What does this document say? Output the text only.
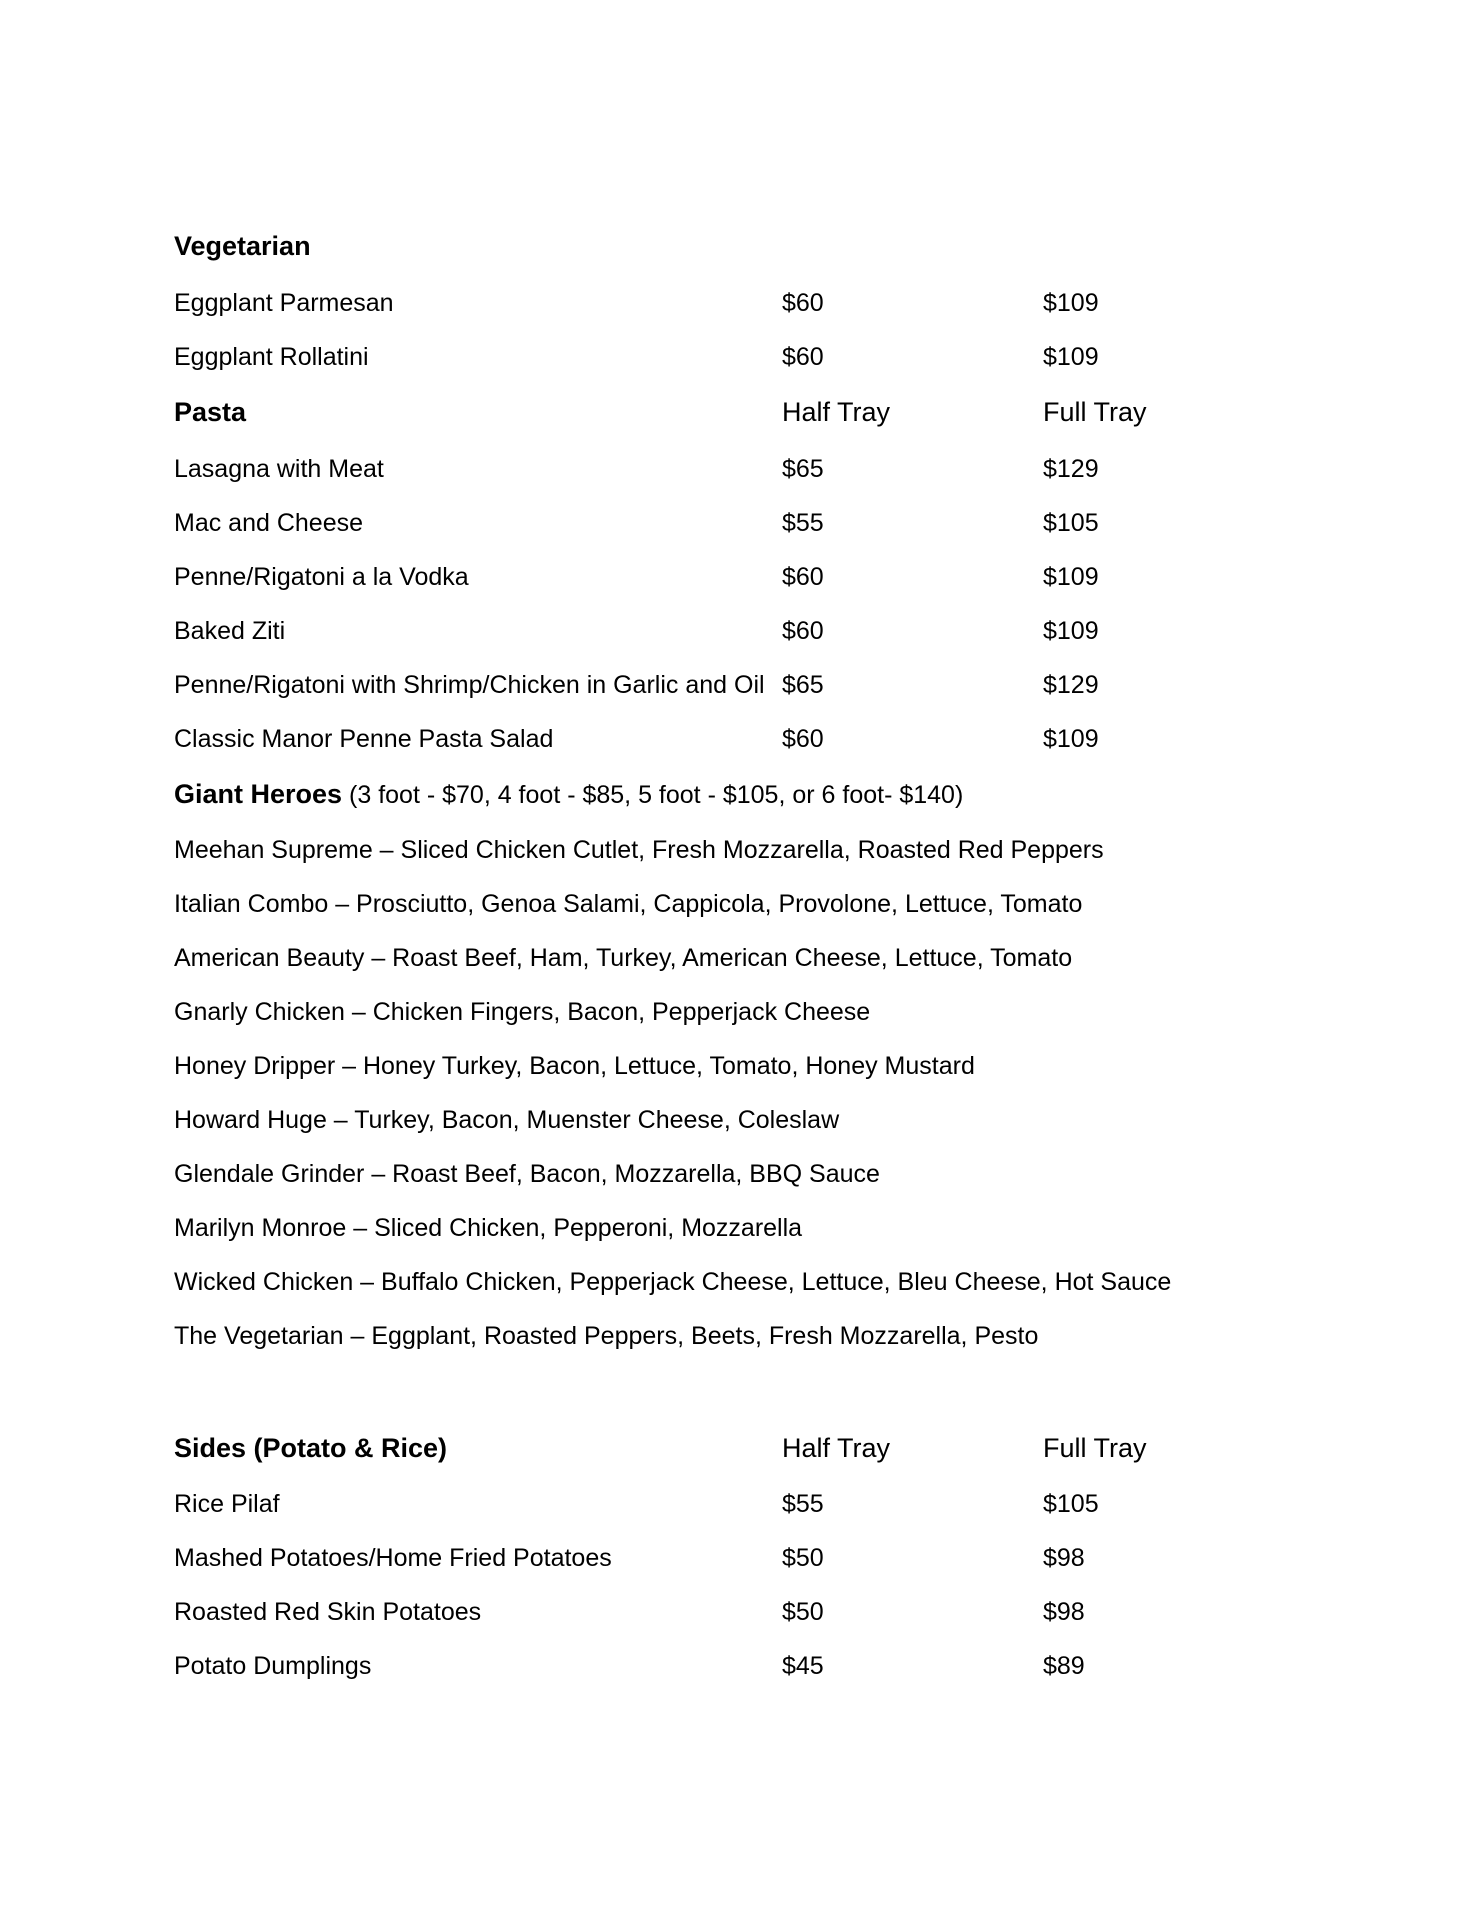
Vegetarian
Eggplant Parmesan	$60	$109
Eggplant Rollatini	$60	$109
Pasta	Half Tray	Full Tray
Lasagna with Meat	$65	$129
Mac and Cheese	$55	$105
Penne/Rigatoni a la Vodka	$60	$109
Baked Ziti	$60	$109
Penne/Rigatoni with Shrimp/Chicken in Garlic and Oil $65	$129
Classic Manor Penne Pasta Salad	$60	$109
Giant Heroes (3 foot - $70, 4 foot - $85, 5 foot - $105, or 6 foot- $140)
Meehan Supreme – Sliced Chicken Cutlet, Fresh Mozzarella, Roasted Red Peppers
Italian Combo – Prosciutto, Genoa Salami, Cappicola, Provolone, Lettuce, Tomato
American Beauty – Roast Beef, Ham, Turkey, American Cheese, Lettuce, Tomato
Gnarly Chicken – Chicken Fingers, Bacon, Pepperjack Cheese
Honey Dripper – Honey Turkey, Bacon, Lettuce, Tomato, Honey Mustard
Howard Huge – Turkey, Bacon, Muenster Cheese, Coleslaw
Glendale Grinder – Roast Beef, Bacon, Mozzarella, BBQ Sauce
Marilyn Monroe – Sliced Chicken, Pepperoni, Mozzarella
Wicked Chicken – Buffalo Chicken, Pepperjack Cheese, Lettuce, Bleu Cheese, Hot Sauce
The Vegetarian – Eggplant, Roasted Peppers, Beets, Fresh Mozzarella, Pesto
Sides (Potato & Rice)	Half Tray	Full Tray
Rice Pilaf	$55	$105
Mashed Potatoes/Home Fried Potatoes	$50	$98
Roasted Red Skin Potatoes	$50	$98
Potato Dumplings	$45	$89
